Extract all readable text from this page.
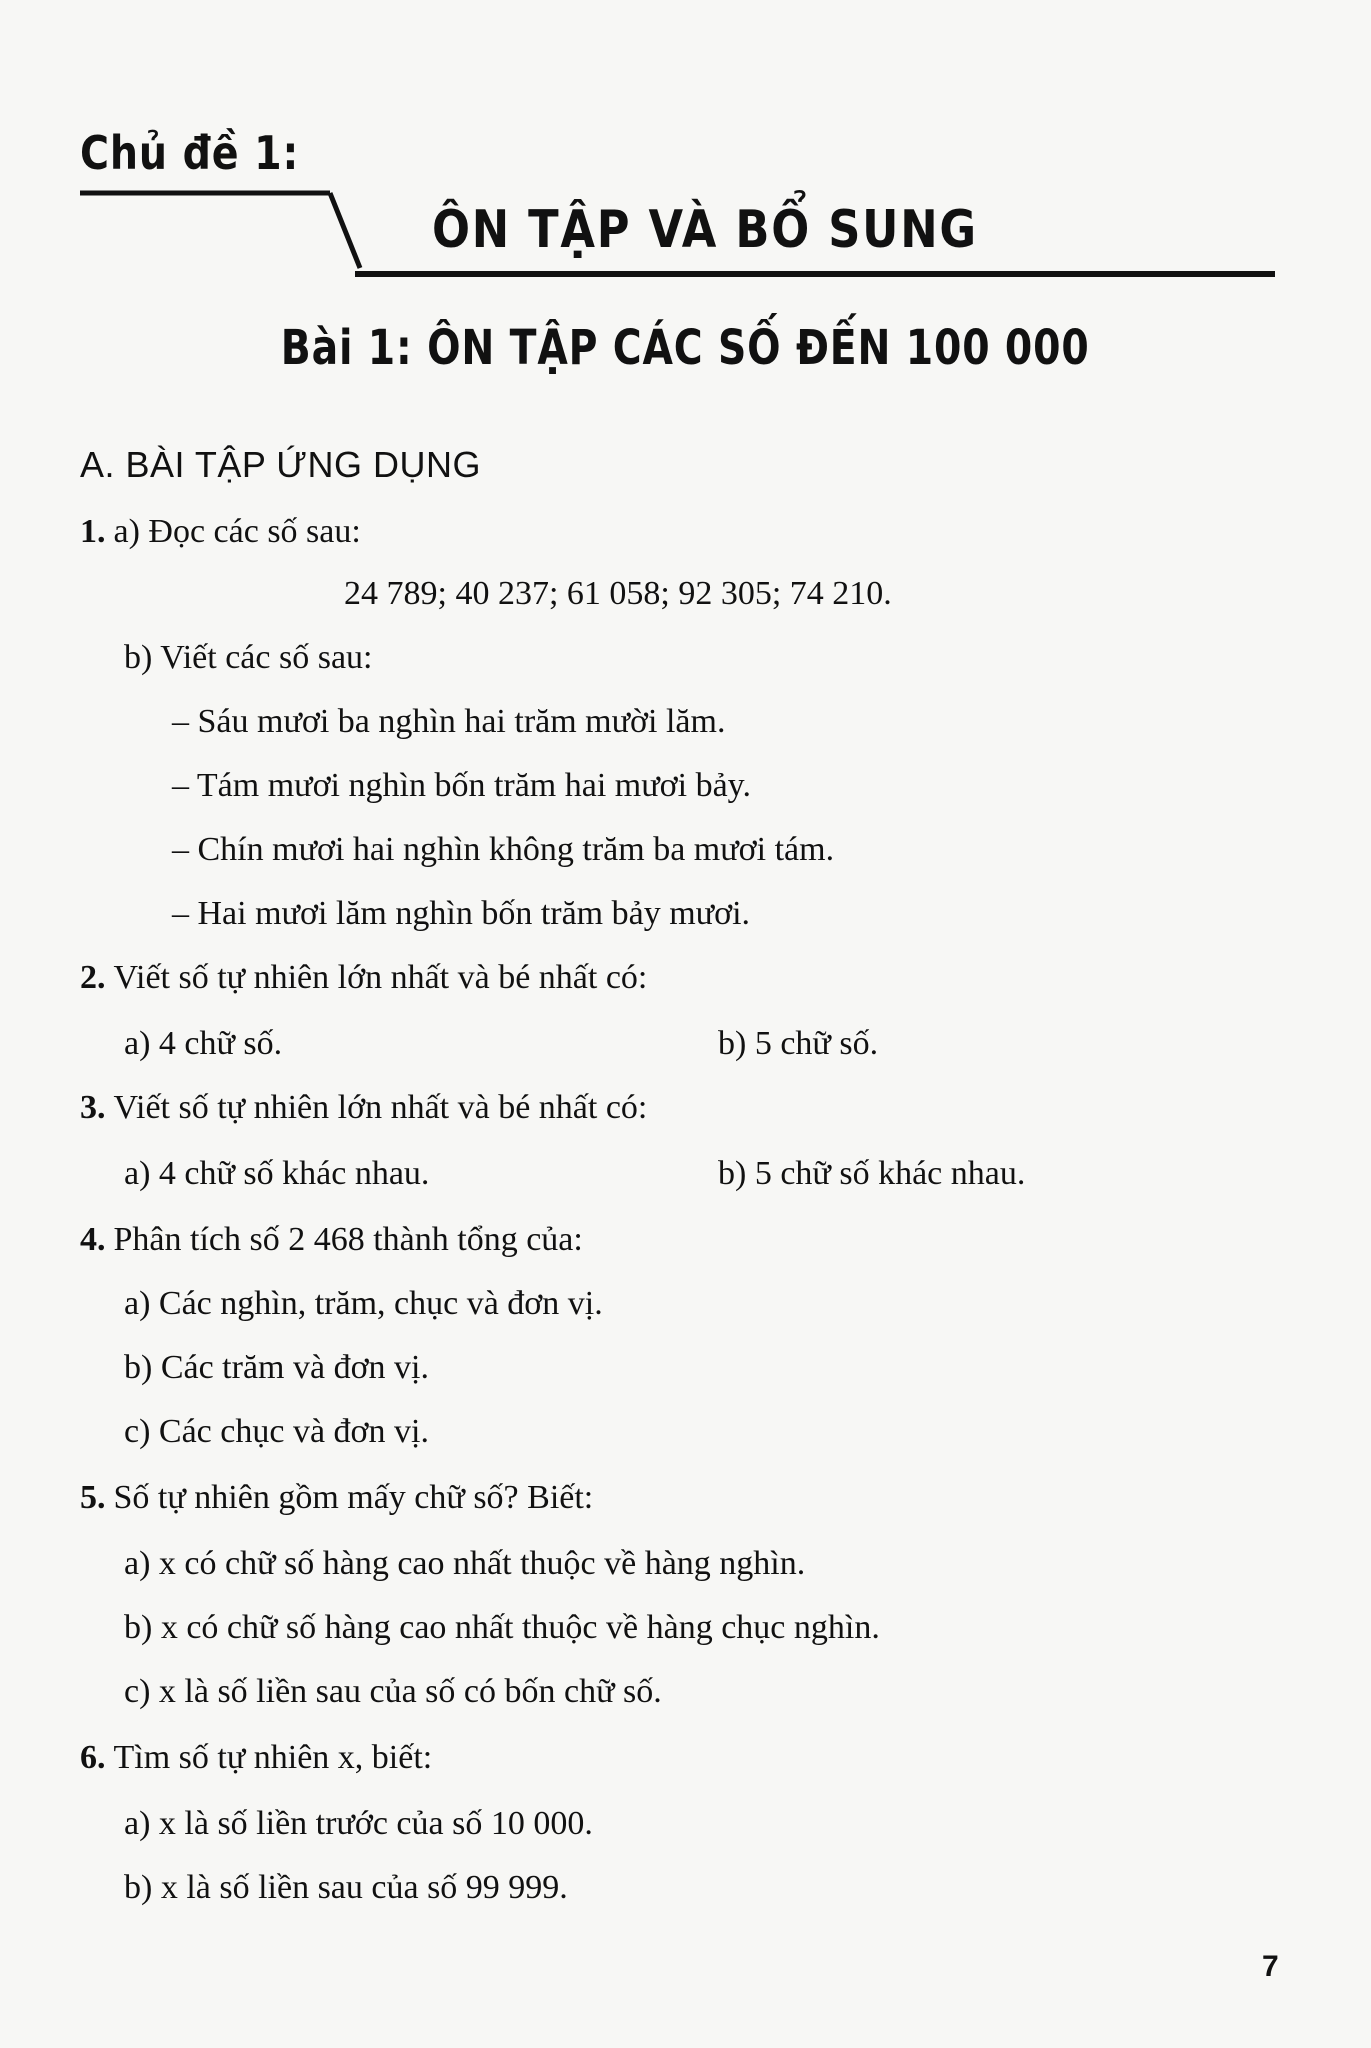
Chủ đề 1:
ÔN TẬP VÀ BỔ SUNG
Bài 1: ÔN TẬP CÁC SỐ ĐẾN 100 000
A. BÀI TẬP ỨNG DỤNG
1. a) Đọc các số sau:
24 789; 40 237; 61 058; 92 305; 74 210.
b) Viết các số sau:
– Sáu mươi ba nghìn hai trăm mười lăm.
– Tám mươi nghìn bốn trăm hai mươi bảy.
– Chín mươi hai nghìn không trăm ba mươi tám.
– Hai mươi lăm nghìn bốn trăm bảy mươi.
2. Viết số tự nhiên lớn nhất và bé nhất có:
a) 4 chữ số.	b) 5 chữ số.
3. Viết số tự nhiên lớn nhất và bé nhất có:
a) 4 chữ số khác nhau.	b) 5 chữ số khác nhau.
4. Phân tích số 2 468 thành tổng của:
a) Các nghìn, trăm, chục và đơn vị.
b) Các trăm và đơn vị.
c) Các chục và đơn vị.
5. Số tự nhiên gồm mấy chữ số? Biết:
a) x có chữ số hàng cao nhất thuộc về hàng nghìn.
b) x có chữ số hàng cao nhất thuộc về hàng chục nghìn.
c) x là số liền sau của số có bốn chữ số.
6. Tìm số tự nhiên x, biết:
a) x là số liền trước của số 10 000.
b) x là số liền sau của số 99 999.
7
